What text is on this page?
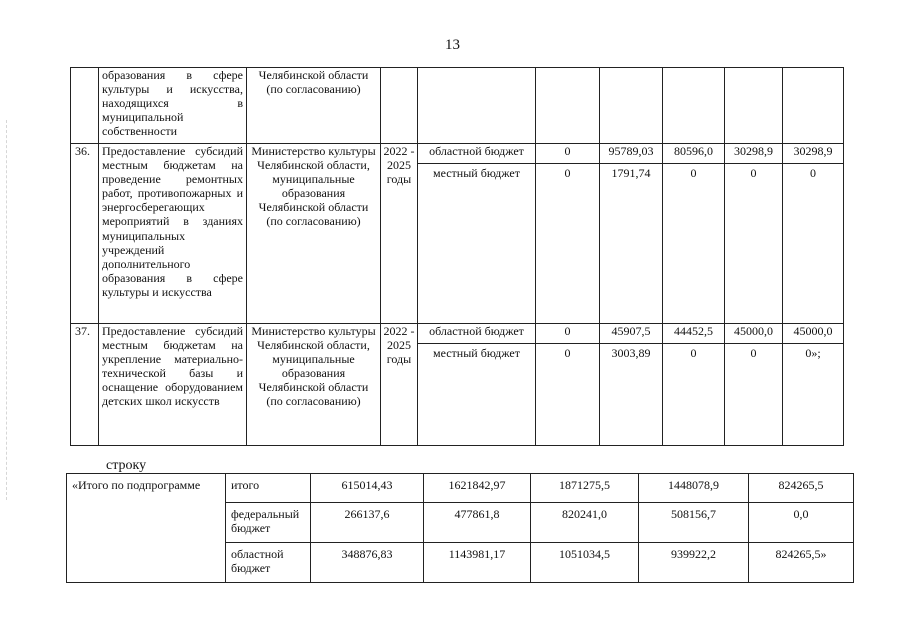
13
	образования в сфере культуры и искусства, находящихся в муниципальной собственности	Челябинской области (по согласованию)							
36.	Предоставление субсидий местным бюджетам на проведение ремонтных работ, противопожарных и энергосберегающих мероприятий в зданиях муниципальных учреждений дополнительного образования в сфере культуры и искусства	Министерство культуры Челябинской области, муниципальные образования Челябинской области (по согласованию)	2022 - 2025 годы	областной бюджет	0	95789,03	80596,0	30298,9	30298,9
				местный бюджет	0	1791,74	0	0	0
37.	Предоставление субсидий местным бюджетам на укрепление материально-технической базы и оснащение оборудованием детских школ искусств	Министерство культуры Челябинской области, муниципальные образования Челябинской области (по согласованию)	2022 - 2025 годы	областной бюджет	0	45907,5	44452,5	45000,0	45000,0
				местный бюджет	0	3003,89	0	0	0»;
строку
«Итого по подпрограмме	итого	615014,43	1621842,97	1871275,5	1448078,9	824265,5
	федеральный бюджет	266137,6	477861,8	820241,0	508156,7	0,0
	областной бюджет	348876,83	1143981,17	1051034,5	939922,2	824265,5»
